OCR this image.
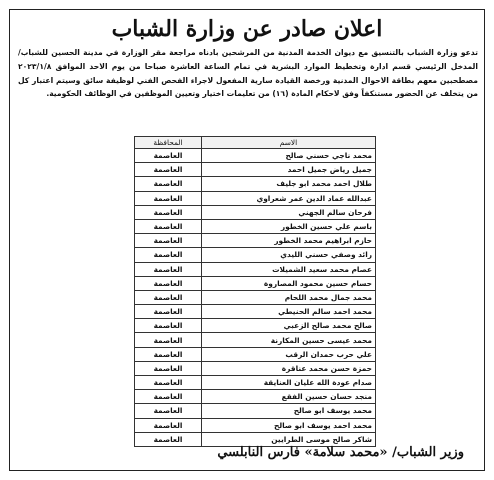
اعلان صادر عن وزارة الشباب
تدعو وزارة الشباب بالتنسيق مع ديوان الخدمة المدنية من المرشحين بادناه مراجعة مقر الوزارة في مدينة الحسين للشباب/ المدخل الرئيسي قسم ادارة وتخطيط الموارد البشرية في تمام الساعة العاشرة صباحا من يوم الاحد الموافق ٢٠٢٣/١/٨ مصطحبين معهم بطاقة الاحوال المدنية ورخصة القيادة سارية المفعول لاجراء الفحص الفني لوظيفة سائق وسيتم اعتبار كل من يتخلف عن الحضور مستنكفاً وفق لاحكام المادة (١٦) من تعليمات اختيار وتعيين الموظفين في الوظائف الحكومية.
الاسم	المحافظة
محمد ناجي حسني صالح	العاصمة
جميل رياض جميل احمد	العاصمة
طلال احمد محمد ابو جليف	العاصمة
عبدالله عماد الدين عمر شعراوي	العاصمة
فرحان سالم الجهني	العاصمة
باسم علي حسين الخطور	العاصمة
حازم ابراهيم محمد الخطور	العاصمة
رائد وصفي حسني الليدي	العاصمة
عصام محمد سعيد الشميلات	العاصمة
حسام حسين محمود المصاروة	العاصمة
محمد جمال محمد اللحام	العاصمة
محمد احمد سالم الحنيطي	العاصمة
صالح محمد صالح الزعبي	العاصمة
محمد عيسى حسين المكارنة	العاصمة
علي حرب حمدان الرقب	العاصمة
حمزة حسن محمد عناقرة	العاصمة
صدام عودة الله عليان العنايقة	العاصمة
منجد حسان حسين الفقع	العاصمة
محمد يوسف ابو صالح	العاصمة
محمد احمد يوسف ابو صالح	العاصمة
شاكر صالح موسى الطرايين	العاصمة
وزير الشباب/ «محمد سلامة» فارس النابلسي
